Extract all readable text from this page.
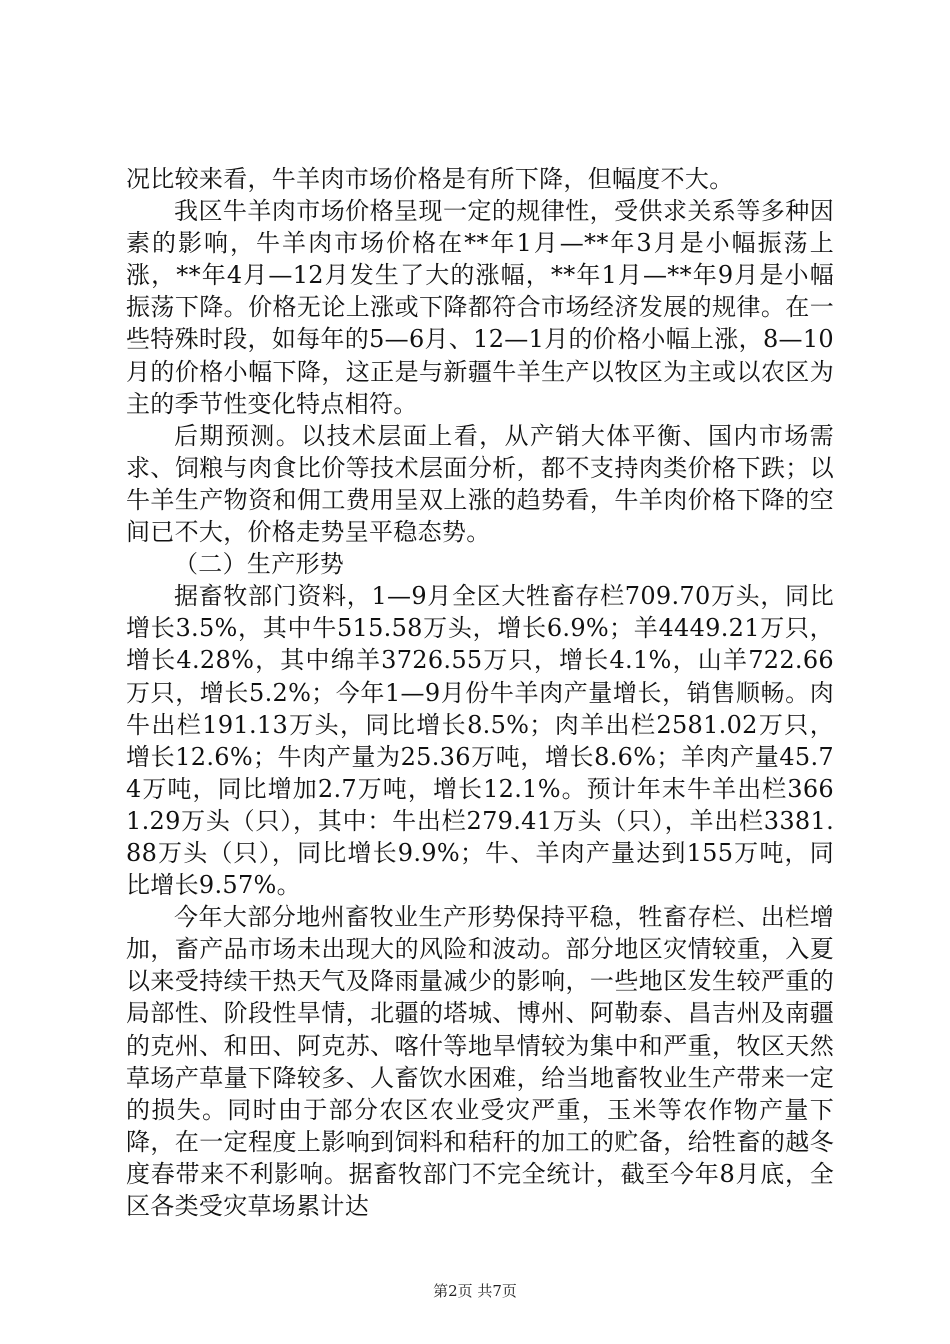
况比较来看，牛羊肉市场价格是有所下降，但幅度不大。

我区牛羊肉市场价格呈现一定的规律性，受供求关系等多种因素的影响，牛羊肉市场价格在**年1月—**年3月是小幅振荡上涨，**年4月—12月发生了大的涨幅，**年1月—**年9月是小幅振荡下降。价格无论上涨或下降都符合市场经济发展的规律。在一些特殊时段，如每年的5—6月、12—1月的价格小幅上涨，8—10月的价格小幅下降，这正是与新疆牛羊生产以牧区为主或以农区为主的季节性变化特点相符。

后期预测。以技术层面上看，从产销大体平衡、国内市场需求、饲粮与肉食比价等技术层面分析，都不支持肉类价格下跌；以牛羊生产物资和佣工费用呈双上涨的趋势看，牛羊肉价格下降的空间已不大，价格走势呈平稳态势。

（二）生产形势

据畜牧部门资料，1—9月全区大牲畜存栏709.70万头，同比增长3.5%，其中牛515.58万头，增长6.9%；羊4449.21万只，增长4.28%，其中绵羊3726.55万只，增长4.1%，山羊722.66万只，增长5.2%；今年1—9月份牛羊肉产量增长，销售顺畅。肉牛出栏191.13万头，同比增长8.5%；肉羊出栏2581.02万只，增长12.6%；牛肉产量为25.36万吨，增长8.6%；羊肉产量45.74万吨，同比增加2.7万吨，增长12.1%。预计年末牛羊出栏3661.29万头（只），其中：牛出栏279.41万头（只），羊出栏3381.88万头（只），同比增长9.9%；牛、羊肉产量达到155万吨，同比增长9.57%。

今年大部分地州畜牧业生产形势保持平稳，牲畜存栏、出栏增加，畜产品市场未出现大的风险和波动。部分地区灾情较重，入夏以来受持续干热天气及降雨量减少的影响，一些地区发生较严重的局部性、阶段性旱情，北疆的塔城、博州、阿勒泰、昌吉州及南疆的克州、和田、阿克苏、喀什等地旱情较为集中和严重，牧区天然草场产草量下降较多、人畜饮水困难，给当地畜牧业生产带来一定的损失。同时由于部分农区农业受灾严重，玉米等农作物产量下降，在一定程度上影响到饲料和秸秆的加工的贮备，给牲畜的越冬度春带来不利影响。据畜牧部门不完全统计，截至今年8月底，全区各类受灾草场累计达

第2页 共7页
